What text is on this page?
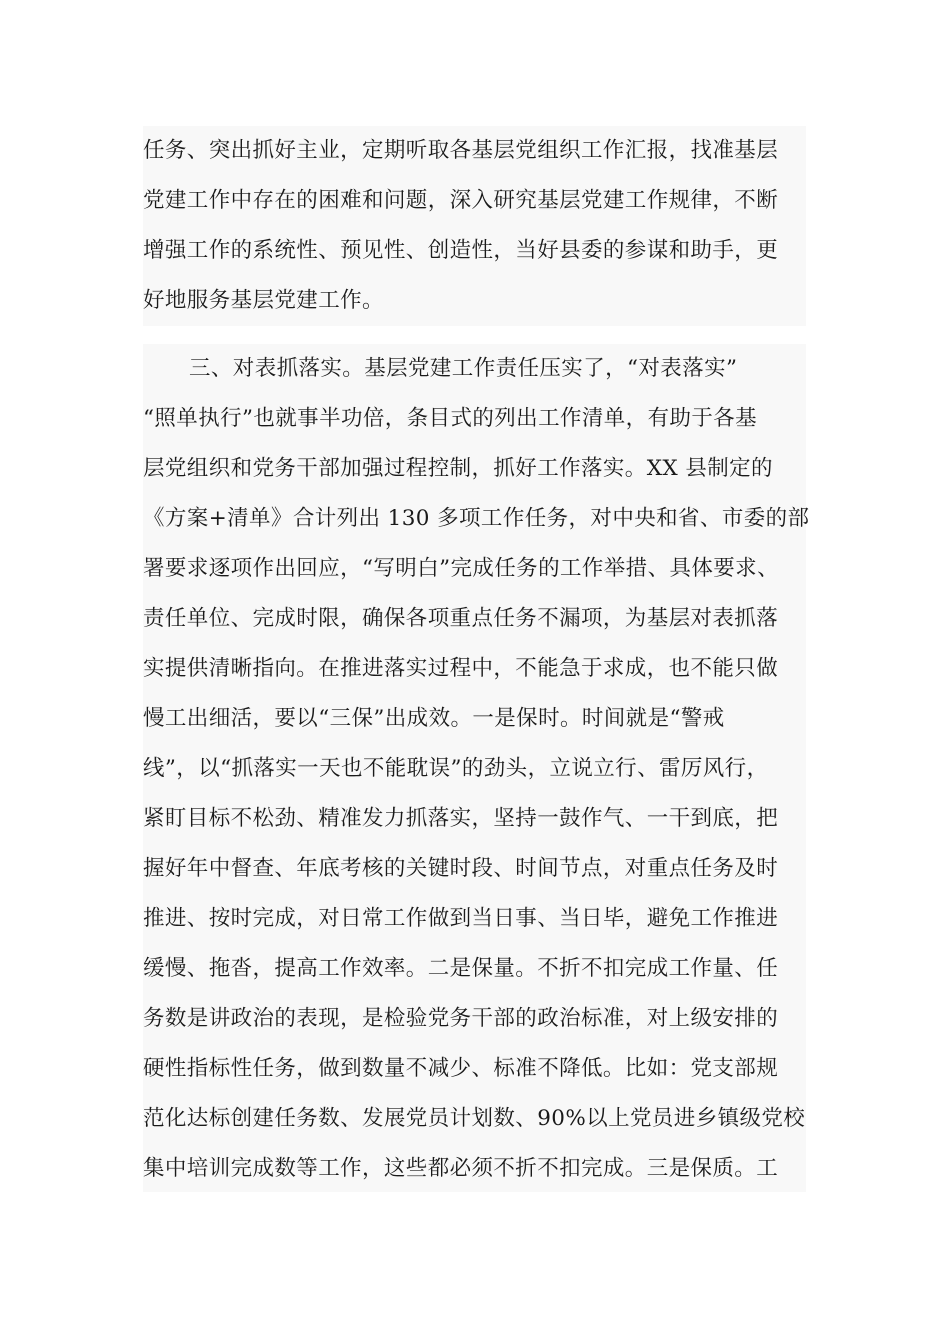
任务、突出抓好主业，定期听取各基层党组织工作汇报，找准基层
党建工作中存在的困难和问题，深入研究基层党建工作规律，不断
增强工作的系统性、预见性、创造性，当好县委的参谋和助手，更
好地服务基层党建工作。
三、对表抓落实。基层党建工作责任压实了，“对表落实”
“照单执行”也就事半功倍，条目式的列出工作清单，有助于各基
层党组织和党务干部加强过程控制，抓好工作落实。XX 县制定的
《方案+清单》合计列出 130 多项工作任务，对中央和省、市委的部
署要求逐项作出回应，“写明白”完成任务的工作举措、具体要求、
责任单位、完成时限，确保各项重点任务不漏项，为基层对表抓落
实提供清晰指向。在推进落实过程中，不能急于求成，也不能只做
慢工出细活，要以“三保”出成效。一是保时。时间就是“警戒
线”，以“抓落实一天也不能耽误”的劲头，立说立行、雷厉风行，
紧盯目标不松劲、精准发力抓落实，坚持一鼓作气、一干到底，把
握好年中督查、年底考核的关键时段、时间节点，对重点任务及时
推进、按时完成，对日常工作做到当日事、当日毕，避免工作推进
缓慢、拖沓，提高工作效率。二是保量。不折不扣完成工作量、任
务数是讲政治的表现，是检验党务干部的政治标准，对上级安排的
硬性指标性任务，做到数量不减少、标准不降低。比如：党支部规
范化达标创建任务数、发展党员计划数、90%以上党员进乡镇级党校
集中培训完成数等工作，这些都必须不折不扣完成。三是保质。工
